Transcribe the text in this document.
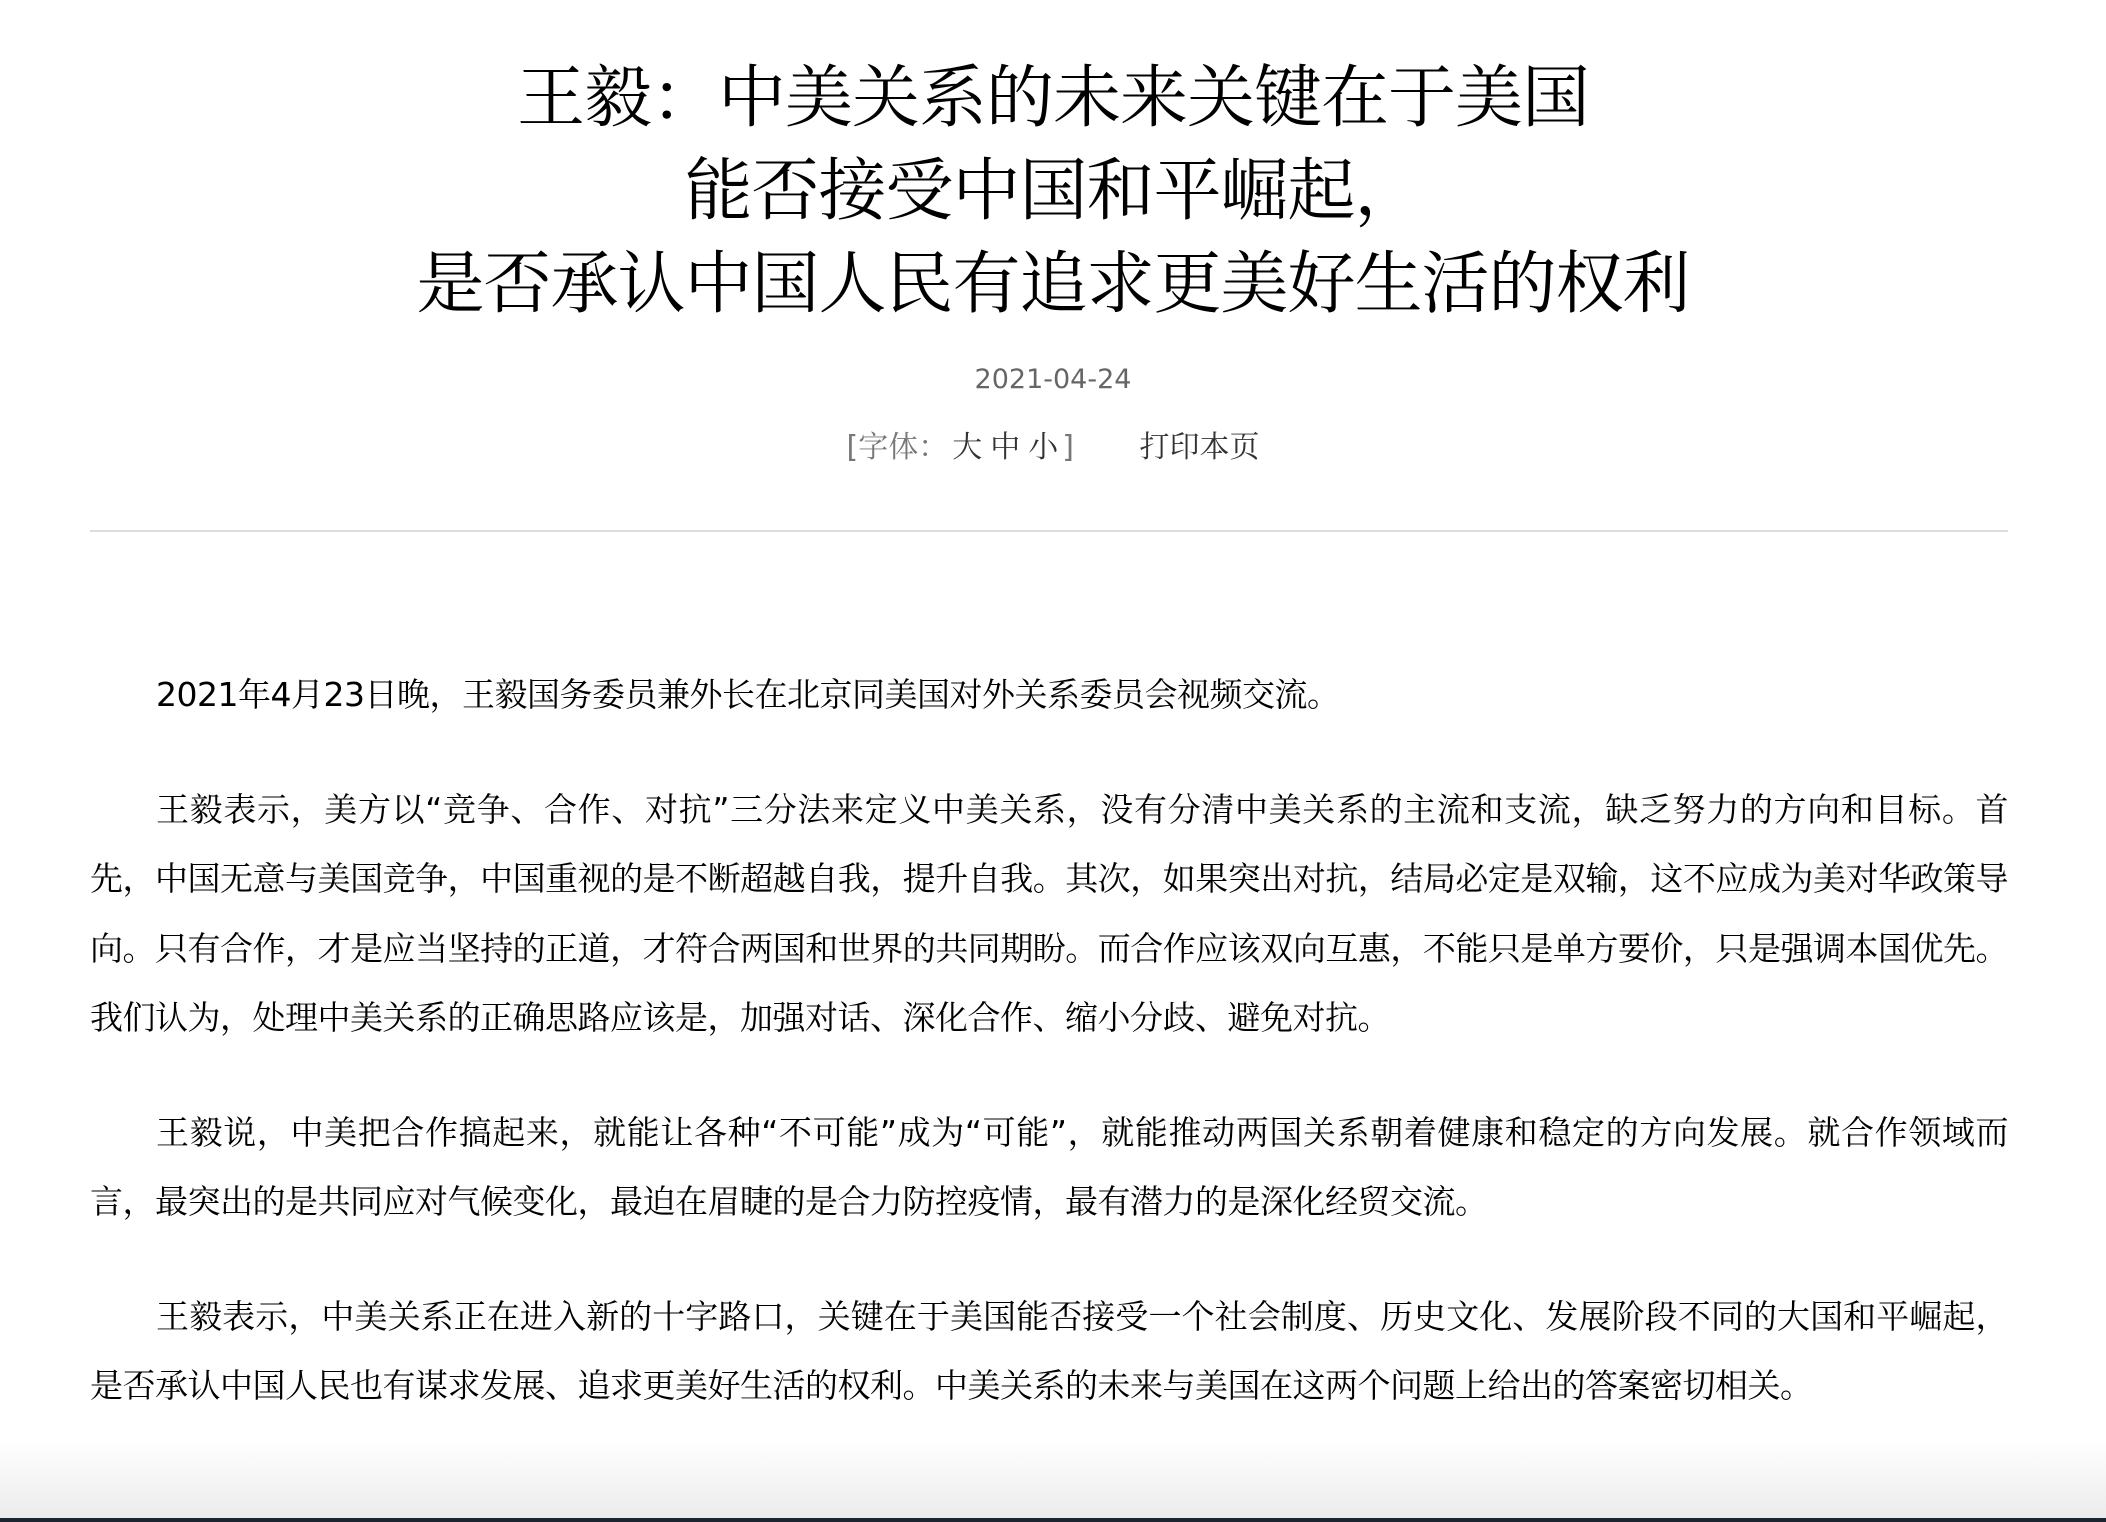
王毅：中美关系的未来关键在于美国
能否接受中国和平崛起，
是否承认中国人民有追求更美好生活的权利
2021-04-24
[字体： 大 中 小 ] 打印本页

2021年4月23日晚，王毅国务委员兼外长在北京同美国对外关系委员会视频交流。

王毅表示，美方以“竞争、合作、对抗”三分法来定义中美关系，没有分清中美关系的主流和支流，缺乏努力的方向和目标。首先，中国无意与美国竞争，中国重视的是不断超越自我，提升自我。其次，如果突出对抗，结局必定是双输，这不应成为美对华政策导向。只有合作，才是应当坚持的正道，才符合两国和世界的共同期盼。而合作应该双向互惠，不能只是单方要价，只是强调本国优先。我们认为，处理中美关系的正确思路应该是，加强对话、深化合作、缩小分歧、避免对抗。

王毅说，中美把合作搞起来，就能让各种“不可能”成为“可能”，就能推动两国关系朝着健康和稳定的方向发展。就合作领域而言，最突出的是共同应对气候变化，最迫在眉睫的是合力防控疫情，最有潜力的是深化经贸交流。

王毅表示，中美关系正在进入新的十字路口，关键在于美国能否接受一个社会制度、历史文化、发展阶段不同的大国和平崛起，是否承认中国人民也有谋求发展、追求更美好生活的权利。中美关系的未来与美国在这两个问题上给出的答案密切相关。
